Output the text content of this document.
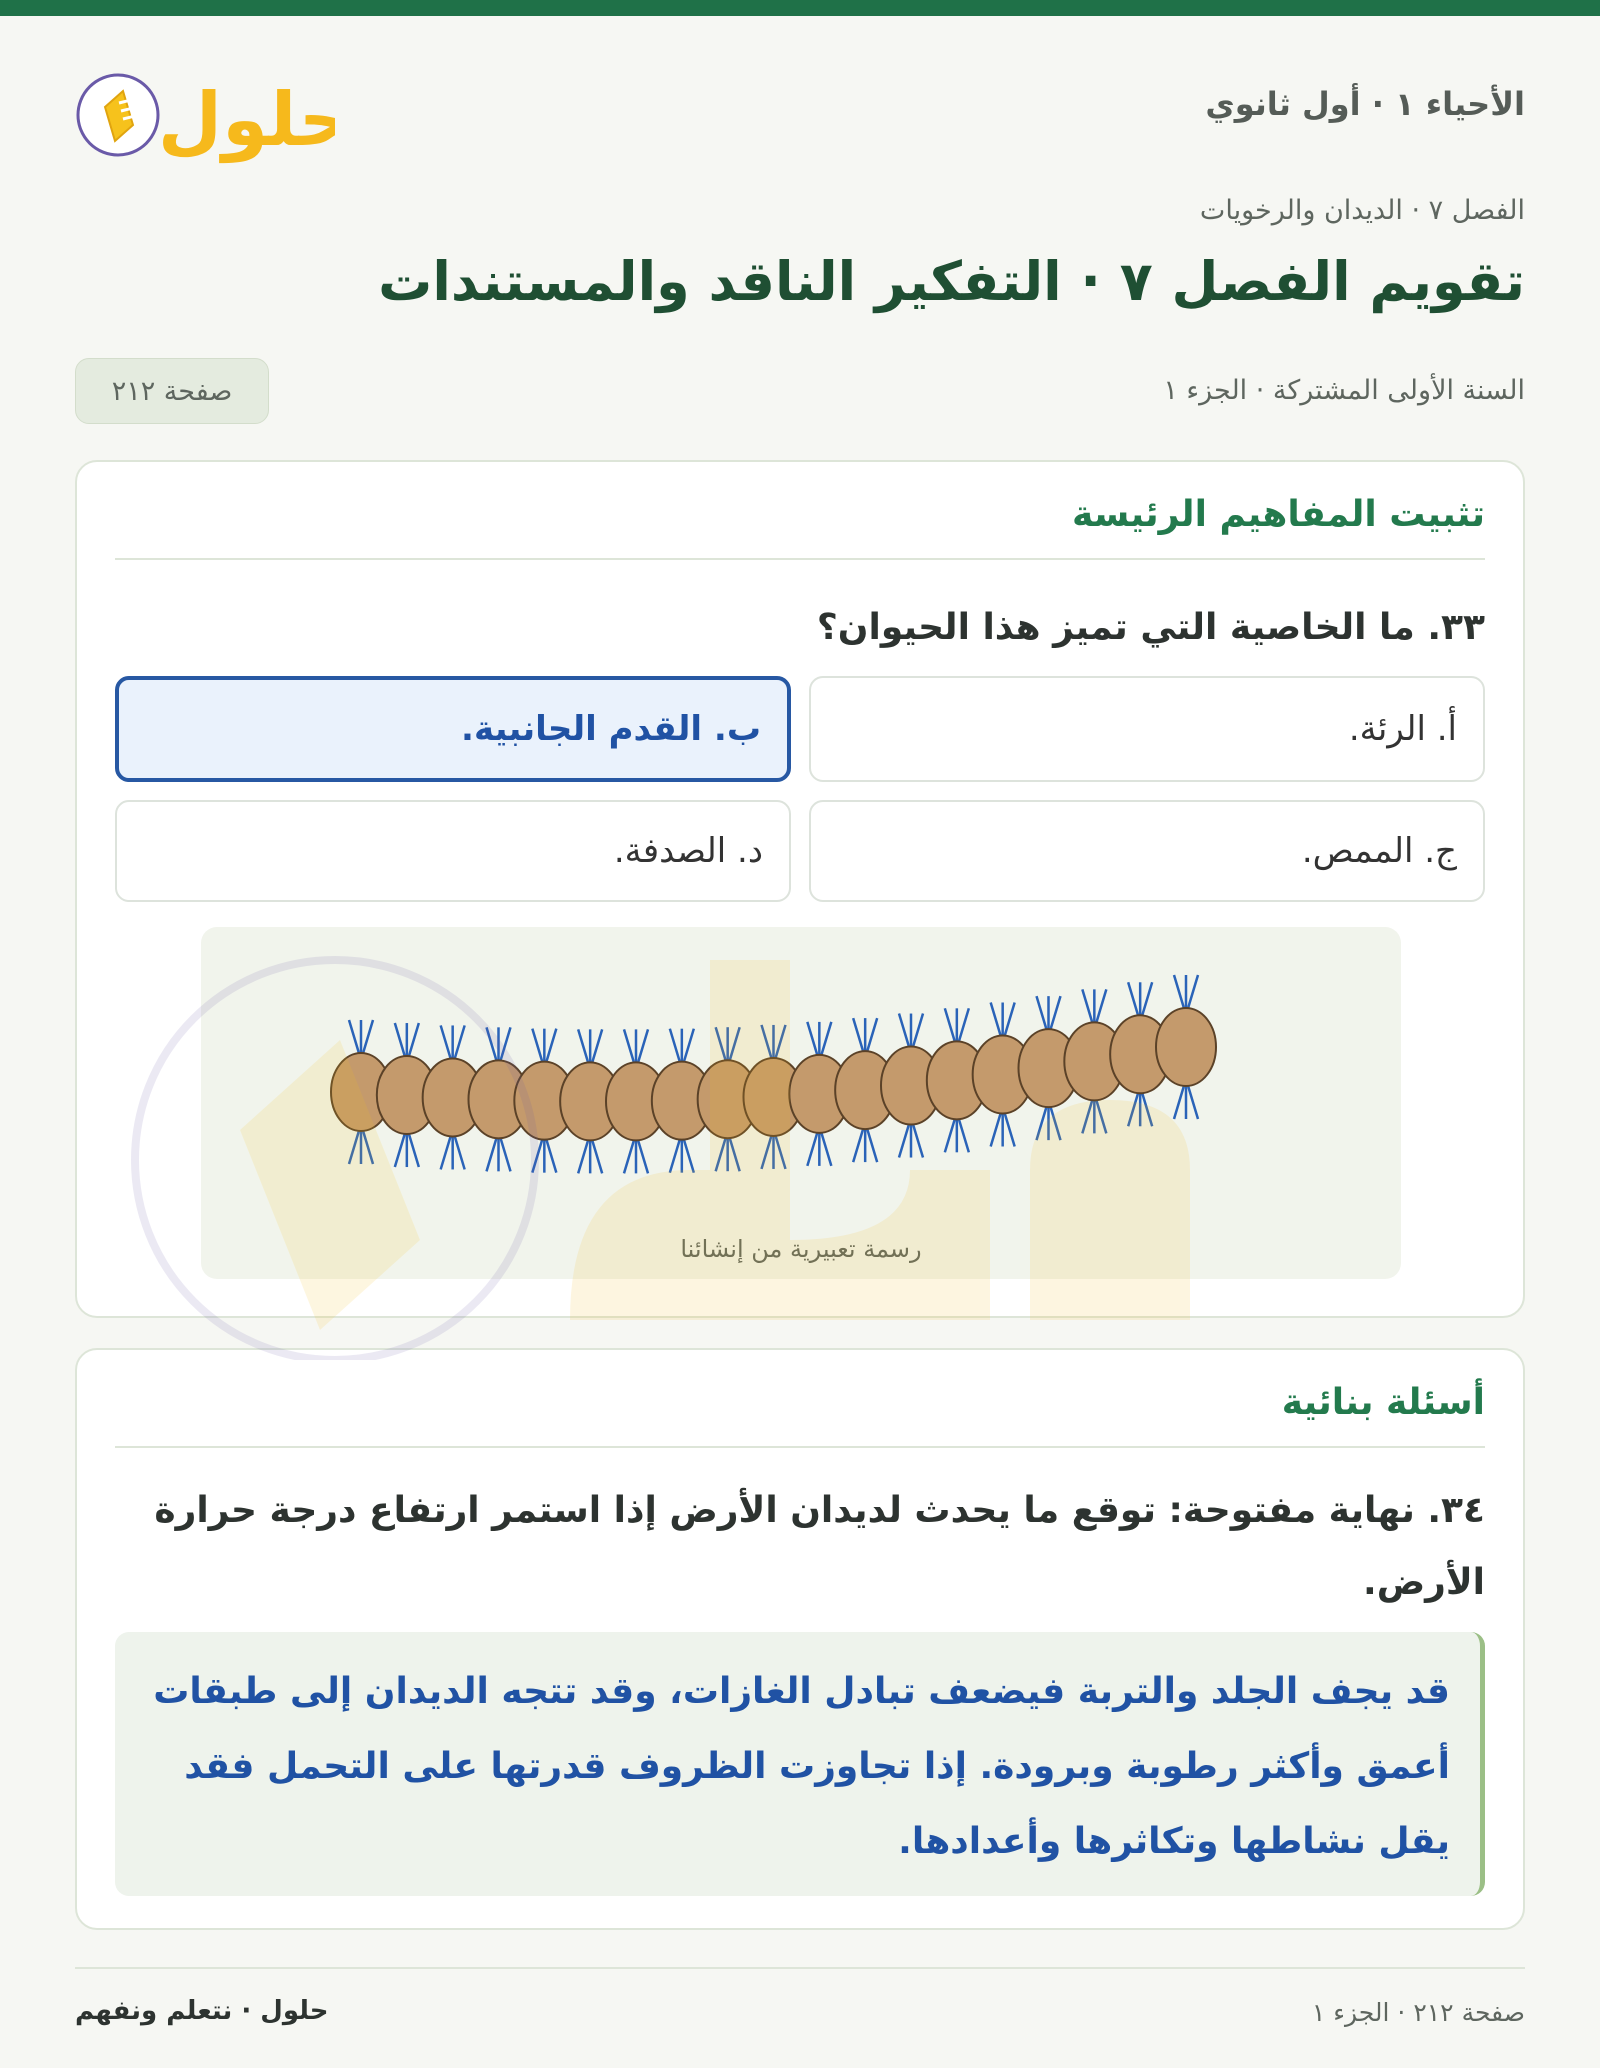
الأحياء ١ · أول ثانوي
حلول
الفصل ٧ · الديدان والرخويات
تقويم الفصل ٧ · التفكير الناقد والمستندات
السنة الأولى المشتركة · الجزء ١
صفحة ٢١٢
تثبيت المفاهيم الرئيسة
٣٣. ما الخاصية التي تميز هذا الحيوان؟
أ. الرئة.
ب. القدم الجانبية.
ج. الممص.
د. الصدفة.
رسمة تعبيرية من إنشائنا
أسئلة بنائية
٣٤. نهاية مفتوحة: توقع ما يحدث لديدان الأرض إذا استمر ارتفاع درجة حرارة الأرض.
قد يجف الجلد والتربة فيضعف تبادل الغازات، وقد تتجه الديدان إلى طبقات أعمق وأكثر رطوبة وبرودة. إذا تجاوزت الظروف قدرتها على التحمل فقد يقل نشاطها وتكاثرها وأعدادها.
صفحة ٢١٢ · الجزء ١
حلول · نتعلم ونفهم
